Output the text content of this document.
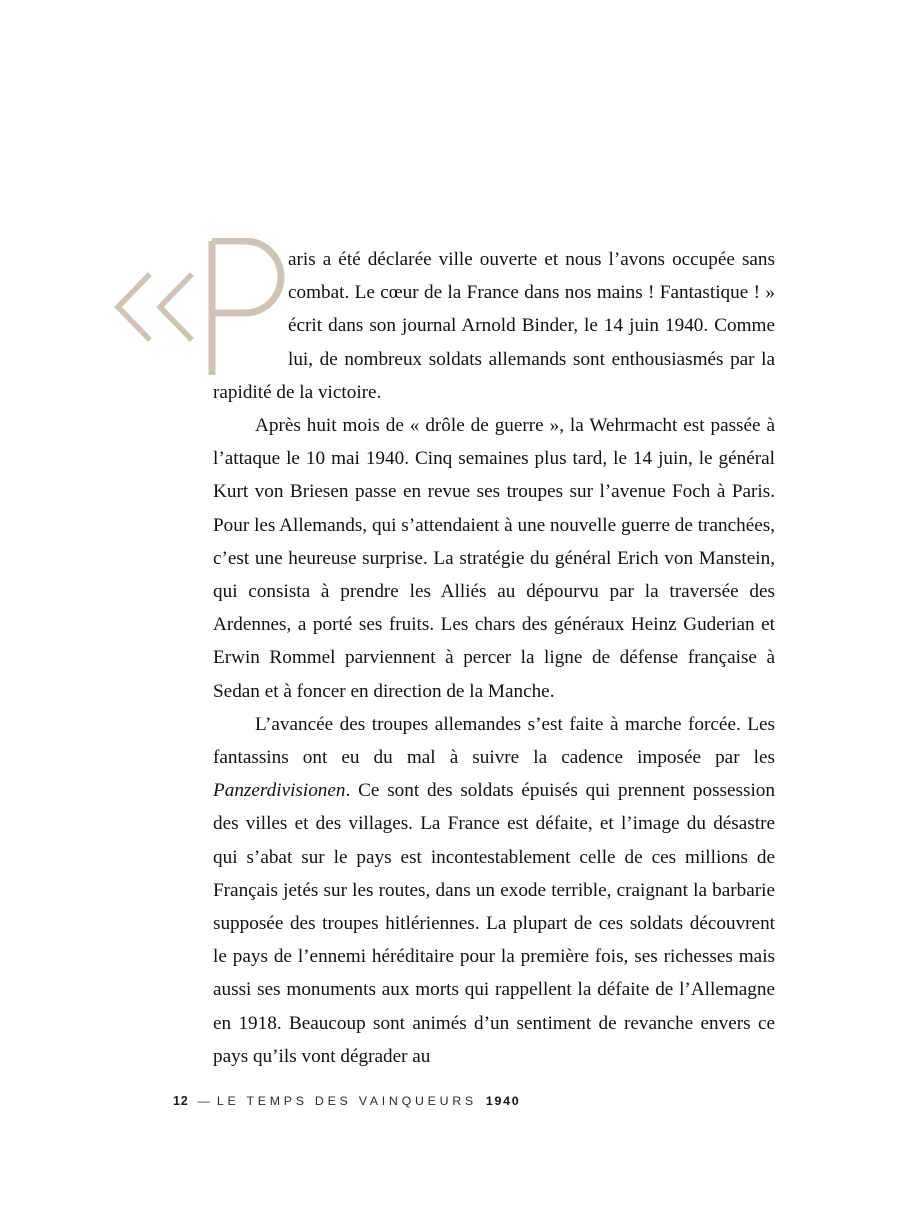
aris a été déclarée ville ouverte et nous l’avons occupée sans combat. Le cœur de la France dans nos mains ! Fantastique ! » écrit dans son journal Arnold Binder, le 14 juin 1940. Comme lui, de nombreux soldats allemands sont enthousiasmés par la rapidité de la victoire.

Après huit mois de « drôle de guerre », la Wehrmacht est passée à l’attaque le 10 mai 1940. Cinq semaines plus tard, le 14 juin, le général Kurt von Briesen passe en revue ses troupes sur l’avenue Foch à Paris. Pour les Allemands, qui s’attendaient à une nouvelle guerre de tranchées, c’est une heureuse surprise. La stratégie du général Erich von Manstein, qui consista à prendre les Alliés au dépourvu par la traversée des Ardennes, a porté ses fruits. Les chars des généraux Heinz Guderian et Erwin Rommel parviennent à percer la ligne de défense française à Sedan et à foncer en direction de la Manche.

L’avancée des troupes allemandes s’est faite à marche forcée. Les fantassins ont eu du mal à suivre la cadence imposée par les Panzerdivisionen. Ce sont des soldats épuisés qui prennent possession des villes et des villages. La France est défaite, et l’image du désastre qui s’abat sur le pays est incontestablement celle de ces millions de Français jetés sur les routes, dans un exode terrible, craignant la barbarie supposée des troupes hitlériennes. La plupart de ces soldats découvrent le pays de l’ennemi héréditaire pour la première fois, ses richesses mais aussi ses monuments aux morts qui rappellent la défaite de l’Allemagne en 1918. Beaucoup sont animés d’un sentiment de revanche envers ce pays qu’ils vont dégrader au

12 — LE TEMPS DES VAINQUEURS 1940
